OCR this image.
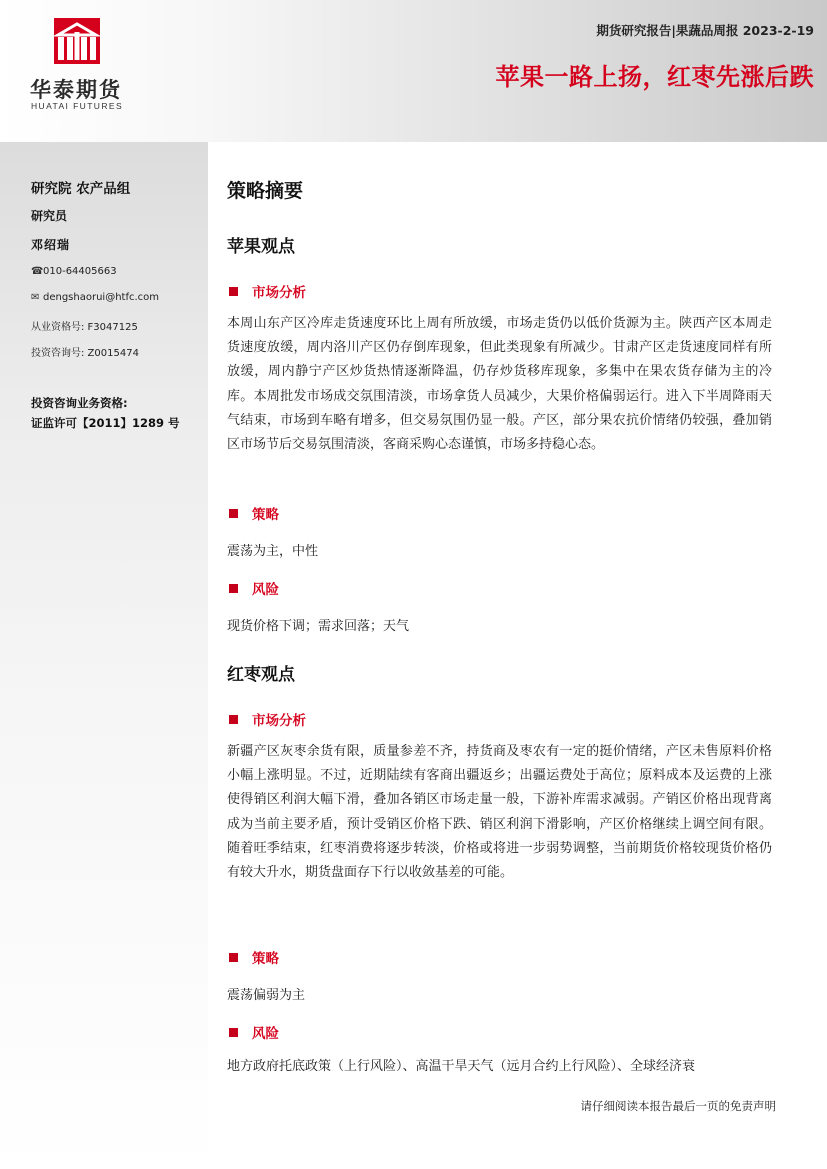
华泰期货
HUATAI FUTURES
期货研究报告|果蔬品周报 2023-2-19
苹果一路上扬，红枣先涨后跌
研究院 农产品组
研究员
邓绍瑞
☎010-64405663
✉ dengshaorui@htfc.com
从业资格号: F3047125
投资咨询号: Z0015474
投资咨询业务资格:
证监许可【2011】1289 号
策略摘要
苹果观点
市场分析
本周山东产区冷库走货速度环比上周有所放缓，市场走货仍以低价货源为主。陕西产区本周走货速度放缓，周内洛川产区仍存倒库现象，但此类现象有所减少。甘肃产区走货速度同样有所放缓，周内静宁产区炒货热情逐渐降温，仍存炒货移库现象，多集中在果农货存储为主的冷库。本周批发市场成交氛围清淡，市场拿货人员减少，大果价格偏弱运行。进入下半周降雨天气结束，市场到车略有增多，但交易氛围仍显一般。产区，部分果农抗价情绪仍较强，叠加销区市场节后交易氛围清淡，客商采购心态谨慎，市场多持稳心态。
策略
震荡为主，中性
风险
现货价格下调；需求回落；天气
红枣观点
市场分析
新疆产区灰枣余货有限，质量参差不齐，持货商及枣农有一定的挺价情绪，产区未售原料价格小幅上涨明显。不过，近期陆续有客商出疆返乡；出疆运费处于高位；原料成本及运费的上涨使得销区利润大幅下滑，叠加各销区市场走量一般，下游补库需求减弱。产销区价格出现背离成为当前主要矛盾，预计受销区价格下跌、销区利润下滑影响，产区价格继续上调空间有限。随着旺季结束，红枣消费将逐步转淡，价格或将进一步弱势调整，当前期货价格较现货价格仍有较大升水，期货盘面存下行以收敛基差的可能。
策略
震荡偏弱为主
风险
地方政府托底政策（上行风险）、高温干旱天气（远月合约上行风险）、全球经济衰
请仔细阅读本报告最后一页的免责声明
